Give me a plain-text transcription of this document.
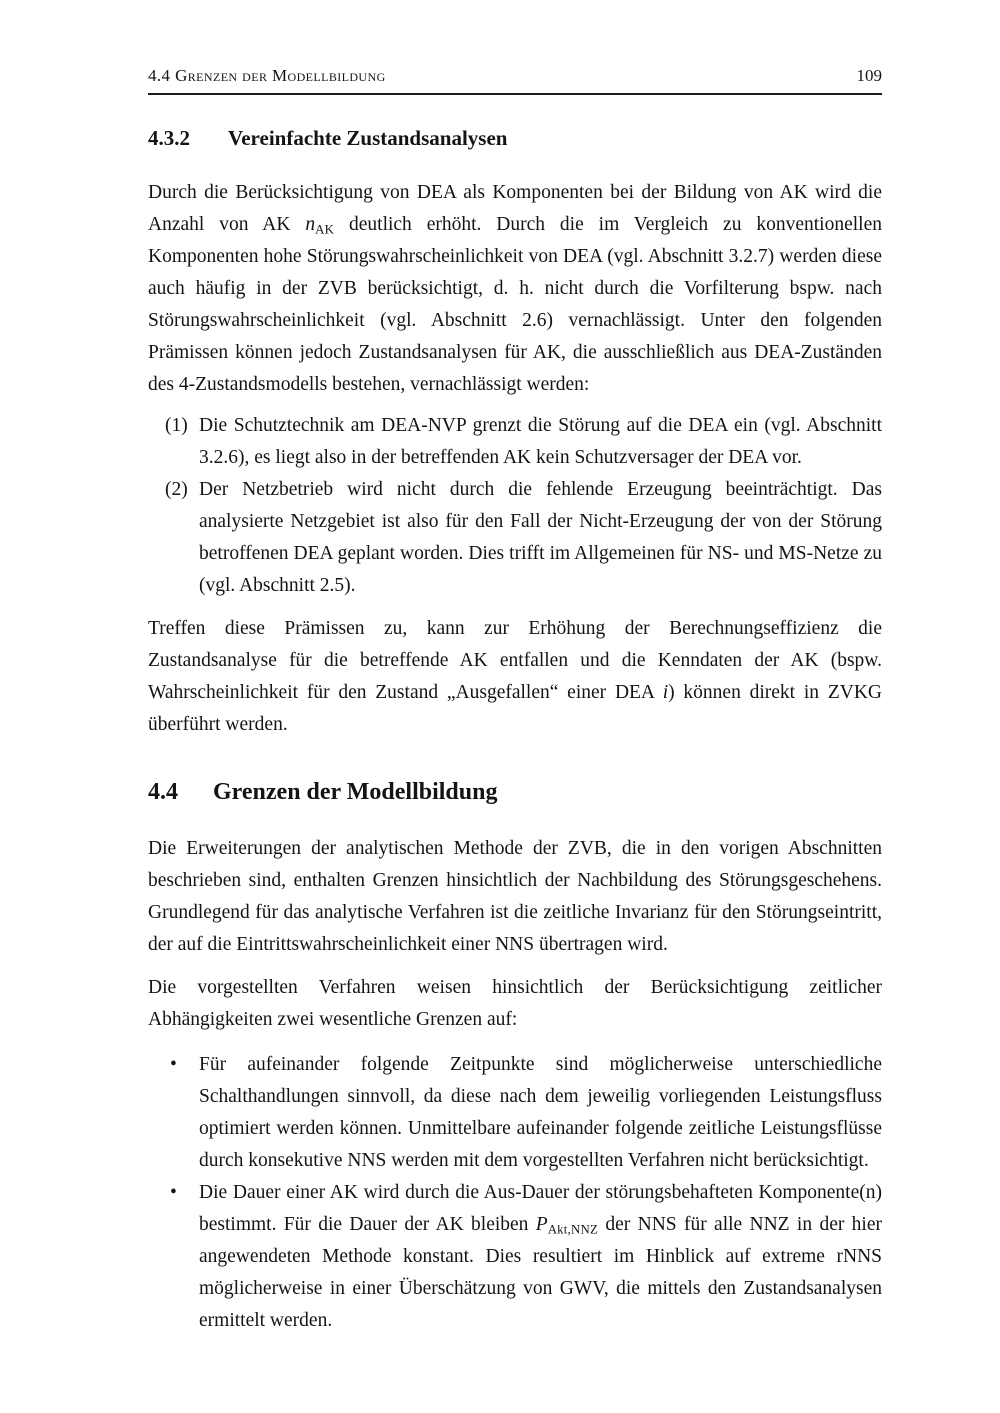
4.4 Grenzen der Modellbildung	109
4.3.2 Vereinfachte Zustandsanalysen

Durch die Berücksichtigung von DEA als Komponenten bei der Bildung von AK wird die Anzahl von AK $n_{AK}$ deutlich erhöht. Durch die im Vergleich zu konventionellen Komponenten hohe Störungswahrscheinlichkeit von DEA (vgl. Abschnitt 3.2.7) werden diese auch häufig in der ZVB berücksichtigt, d. h. nicht durch die Vorfilterung bspw. nach Störungswahrscheinlichkeit (vgl. Abschnitt 2.6) vernachlässigt. Unter den folgenden Prämissen können jedoch Zustandsanalysen für AK, die ausschließlich aus DEA-Zuständen des 4-Zustandsmodells bestehen, vernachlässigt werden:

(1) Die Schutztechnik am DEA-NVP grenzt die Störung auf die DEA ein (vgl. Abschnitt 3.2.6), es liegt also in der betreffenden AK kein Schutzversager der DEA vor.
(2) Der Netzbetrieb wird nicht durch die fehlende Erzeugung beeinträchtigt. Das analysierte Netzgebiet ist also für den Fall der Nicht-Erzeugung der von der Störung betroffenen DEA geplant worden. Dies trifft im Allgemeinen für NS- und MS-Netze zu (vgl. Abschnitt 2.5).

Treffen diese Prämissen zu, kann zur Erhöhung der Berechnungseffizienz die Zustandsanalyse für die betreffende AK entfallen und die Kenndaten der AK (bspw. Wahrscheinlichkeit für den Zustand „Ausgefallen“ einer DEA i) können direkt in ZVKG überführt werden.

4.4 Grenzen der Modellbildung

Die Erweiterungen der analytischen Methode der ZVB, die in den vorigen Abschnitten beschrieben sind, enthalten Grenzen hinsichtlich der Nachbildung des Störungsgeschehens. Grundlegend für das analytische Verfahren ist die zeitliche Invarianz für den Störungseintritt, der auf die Eintrittswahrscheinlichkeit einer NNS übertragen wird.

Die vorgestellten Verfahren weisen hinsichtlich der Berücksichtigung zeitlicher Abhängigkeiten zwei wesentliche Grenzen auf:

•	Für aufeinander folgende Zeitpunkte sind möglicherweise unterschiedliche Schalthandlungen sinnvoll, da diese nach dem jeweilig vorliegenden Leistungsfluss optimiert werden können. Unmittelbare aufeinander folgende zeitliche Leistungsflüsse durch konsekutive NNS werden mit dem vorgestellten Verfahren nicht berücksichtigt.
•	Die Dauer einer AK wird durch die Aus-Dauer der störungsbehafteten Komponente(n) bestimmt. Für die Dauer der AK bleiben $P_{Akt,NNZ}$ der NNS für alle NNZ in der hier angewendeten Methode konstant. Dies resultiert im Hinblick auf extreme rNNS möglicherweise in einer Überschätzung von GWV, die mittels den Zustandsanalysen ermittelt werden.
